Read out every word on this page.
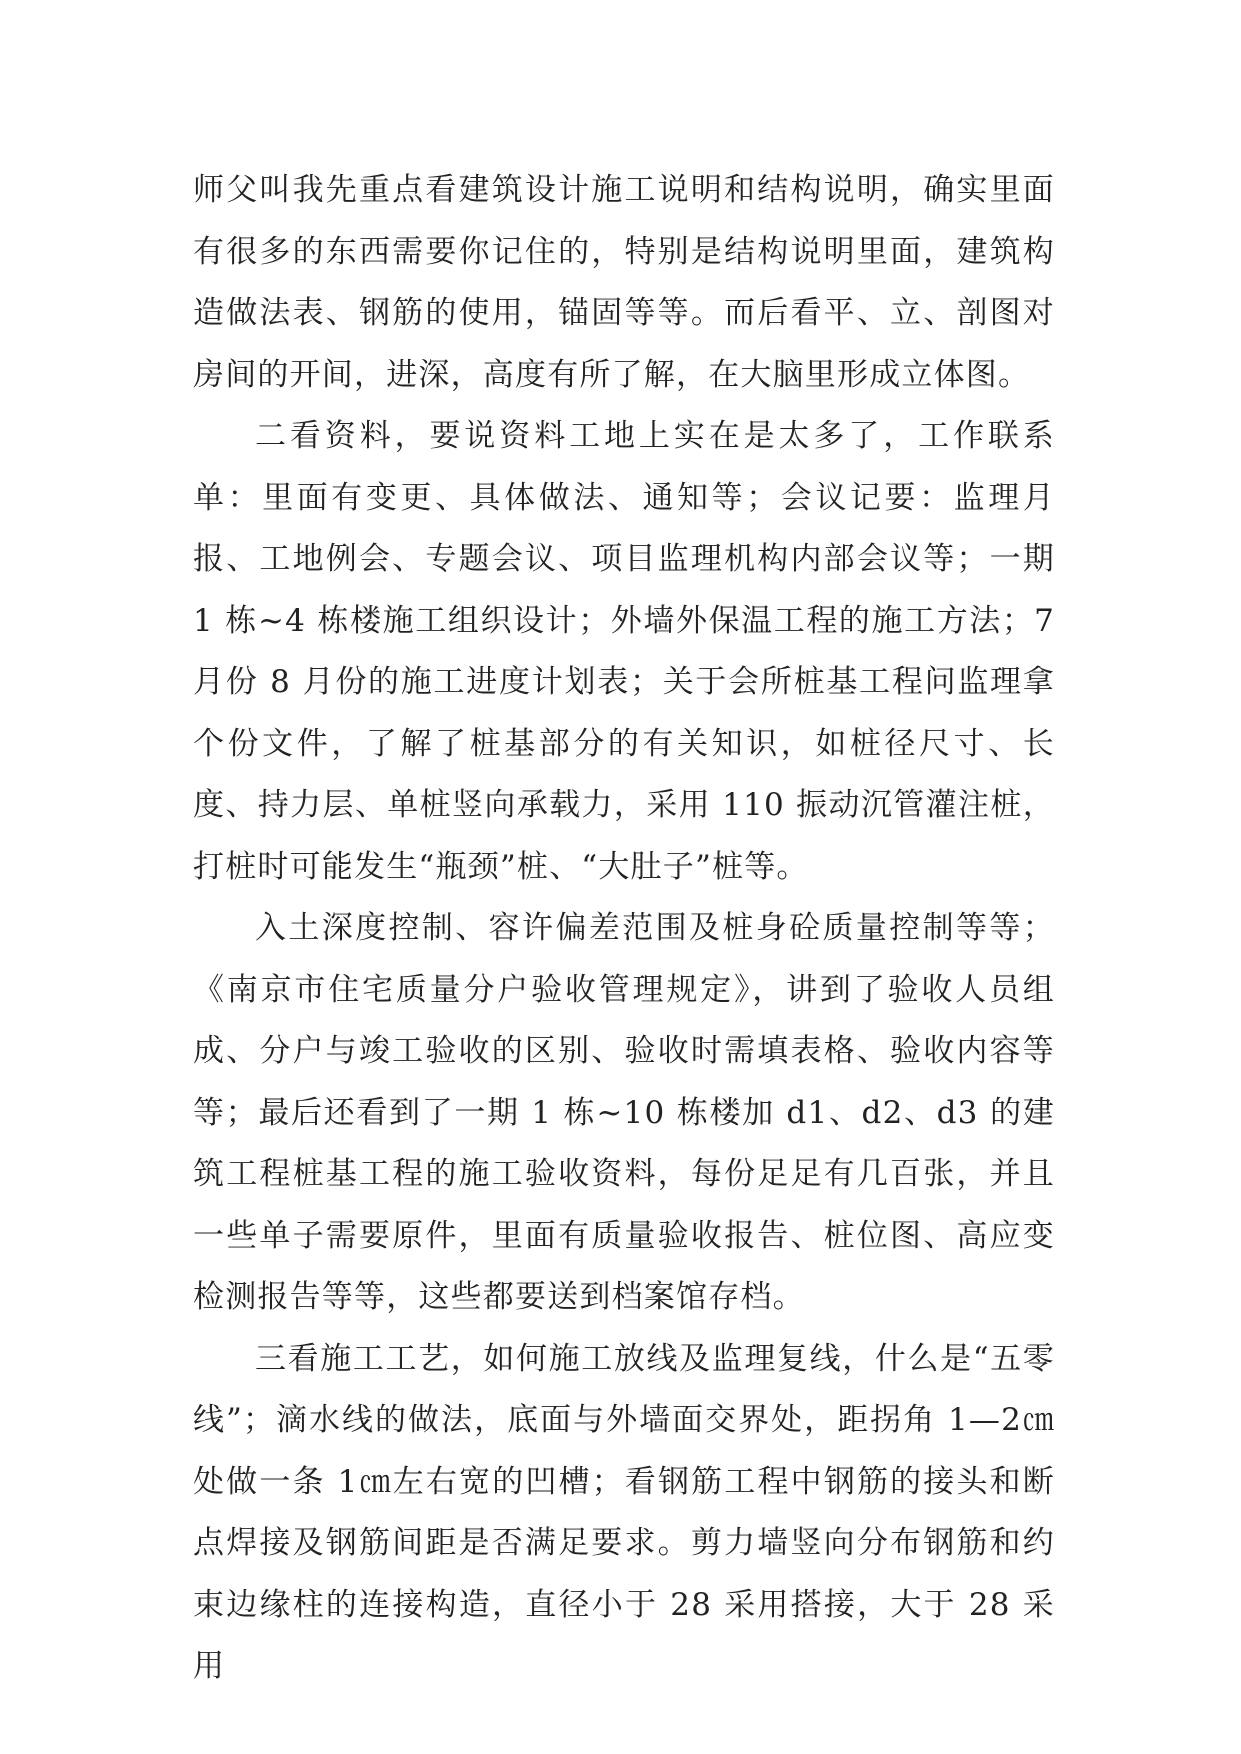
师父叫我先重点看建筑设计施工说明和结构说明，确实里面有很多的东西需要你记住的，特别是结构说明里面，建筑构造做法表、钢筋的使用，锚固等等。而后看平、立、剖图对房间的开间，进深，高度有所了解，在大脑里形成立体图。

二看资料，要说资料工地上实在是太多了，工作联系单：里面有变更、具体做法、通知等；会议记要：监理月报、工地例会、专题会议、项目监理机构内部会议等；一期 1 栋~4 栋楼施工组织设计；外墙外保温工程的施工方法；7 月份 8 月份的施工进度计划表；关于会所桩基工程问监理拿个份文件，了解了桩基部分的有关知识，如桩径尺寸、长度、持力层、单桩竖向承载力，采用 110 振动沉管灌注桩，打桩时可能发生“瓶颈”桩、“大肚子”桩等。

入土深度控制、容许偏差范围及桩身砼质量控制等等；《南京市住宅质量分户验收管理规定》，讲到了验收人员组成、分户与竣工验收的区别、验收时需填表格、验收内容等等；最后还看到了一期 1 栋~10 栋楼加 d1、d2、d3 的建筑工程桩基工程的施工验收资料，每份足足有几百张，并且一些单子需要原件，里面有质量验收报告、桩位图、高应变检测报告等等，这些都要送到档案馆存档。

三看施工工艺，如何施工放线及监理复线，什么是“五零线”；滴水线的做法，底面与外墙面交界处，距拐角 1—2㎝处做一条 1㎝左右宽的凹槽；看钢筋工程中钢筋的接头和断点焊接及钢筋间距是否满足要求。剪力墙竖向分布钢筋和约束边缘柱的连接构造，直径小于 28 采用搭接，大于 28 采用
